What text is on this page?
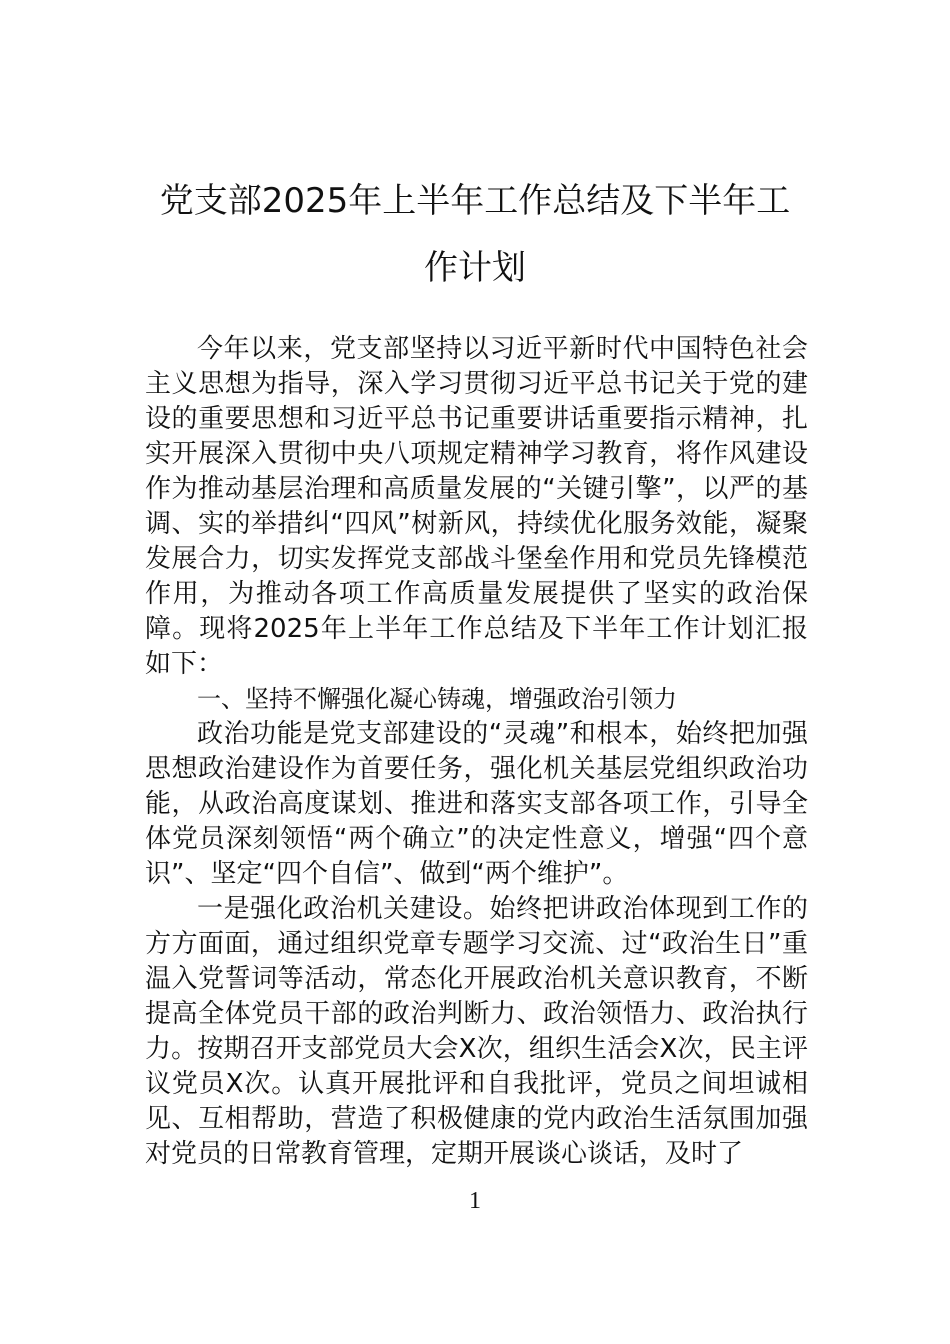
党支部2025年上半年工作总结及下半年工
作计划

今年以来，党支部坚持以习近平新时代中国特色社会主义思想为指导，深入学习贯彻习近平总书记关于党的建设的重要思想和习近平总书记重要讲话重要指示精神，扎实开展深入贯彻中央八项规定精神学习教育，将作风建设作为推动基层治理和高质量发展的“关键引擎”，以严的基调、实的举措纠“四风”树新风，持续优化服务效能，凝聚发展合力，切实发挥党支部战斗堡垒作用和党员先锋模范作用，为推动各项工作高质量发展提供了坚实的政治保障。现将2025年上半年工作总结及下半年工作计划汇报如下：

一、坚持不懈强化凝心铸魂，增强政治引领力

政治功能是党支部建设的“灵魂”和根本，始终把加强思想政治建设作为首要任务，强化机关基层党组织政治功能，从政治高度谋划、推进和落实支部各项工作，引导全体党员深刻领悟“两个确立”的决定性意义，增强“四个意识”、坚定“四个自信”、做到“两个维护”。

一是强化政治机关建设。始终把讲政治体现到工作的方方面面，通过组织党章专题学习交流、过“政治生日”重温入党誓词等活动，常态化开展政治机关意识教育，不断提高全体党员干部的政治判断力、政治领悟力、政治执行力。按期召开支部党员大会X次，组织生活会X次，民主评议党员X次。认真开展批评和自我批评，党员之间坦诚相见、互相帮助，营造了积极健康的党内政治生活氛围加强对党员的日常教育管理，定期开展谈心谈话，及时了

1
